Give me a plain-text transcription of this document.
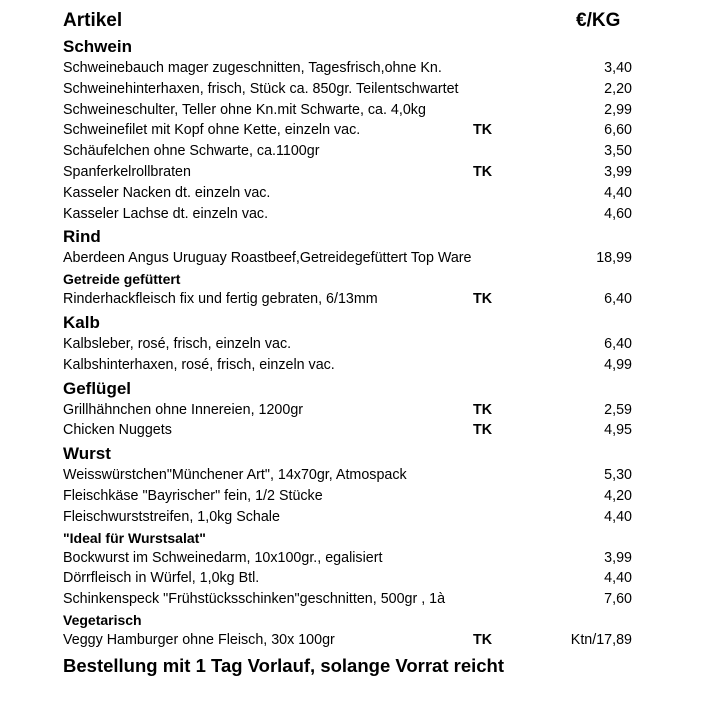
Artikel	€/KG
Schwein
Schweinebauch mager zugeschnitten, Tagesfrisch,ohne Kn.	3,40
Schweinehinterhaxen, frisch, Stück ca. 850gr. Teilentschwartet	2,20
Schweineschulter, Teller ohne Kn.mit Schwarte, ca. 4,0kg	2,99
Schweinefilet mit Kopf ohne Kette, einzeln vac.	TK	6,60
Schäufelchen ohne Schwarte, ca.1100gr	3,50
Spanferkelrollbraten	TK	3,99
Kasseler Nacken dt. einzeln vac.	4,40
Kasseler Lachse dt. einzeln vac.	4,60
Rind
Aberdeen Angus Uruguay Roastbeef,Getreidegefüttert Top Ware	18,99
Getreide gefüttert
Rinderhackfleisch fix und fertig gebraten, 6/13mm	TK	6,40
Kalb
Kalbsleber, rosé, frisch, einzeln vac.	6,40
Kalbshinterhaxen, rosé, frisch, einzeln vac.	4,99
Geflügel
Grillhähnchen ohne Innereien, 1200gr	TK	2,59
Chicken Nuggets	TK	4,95
Wurst
Weisswürstchen"Münchener Art", 14x70gr, Atmospack	5,30
Fleischkäse "Bayrischer" fein, 1/2 Stücke	4,20
Fleischwurststreifen, 1,0kg Schale	4,40
"Ideal für Wurstsalat"
Bockwurst im Schweinedarm, 10x100gr., egalisiert	3,99
Dörrfleisch in Würfel, 1,0kg Btl.	4,40
Schinkenspeck "Frühstücksschinken"geschnitten, 500gr , 1à	7,60
Vegetarisch
Veggy Hamburger ohne Fleisch, 30x 100gr	TK	Ktn/17,89
Bestellung mit 1 Tag Vorlauf, solange Vorrat reicht
